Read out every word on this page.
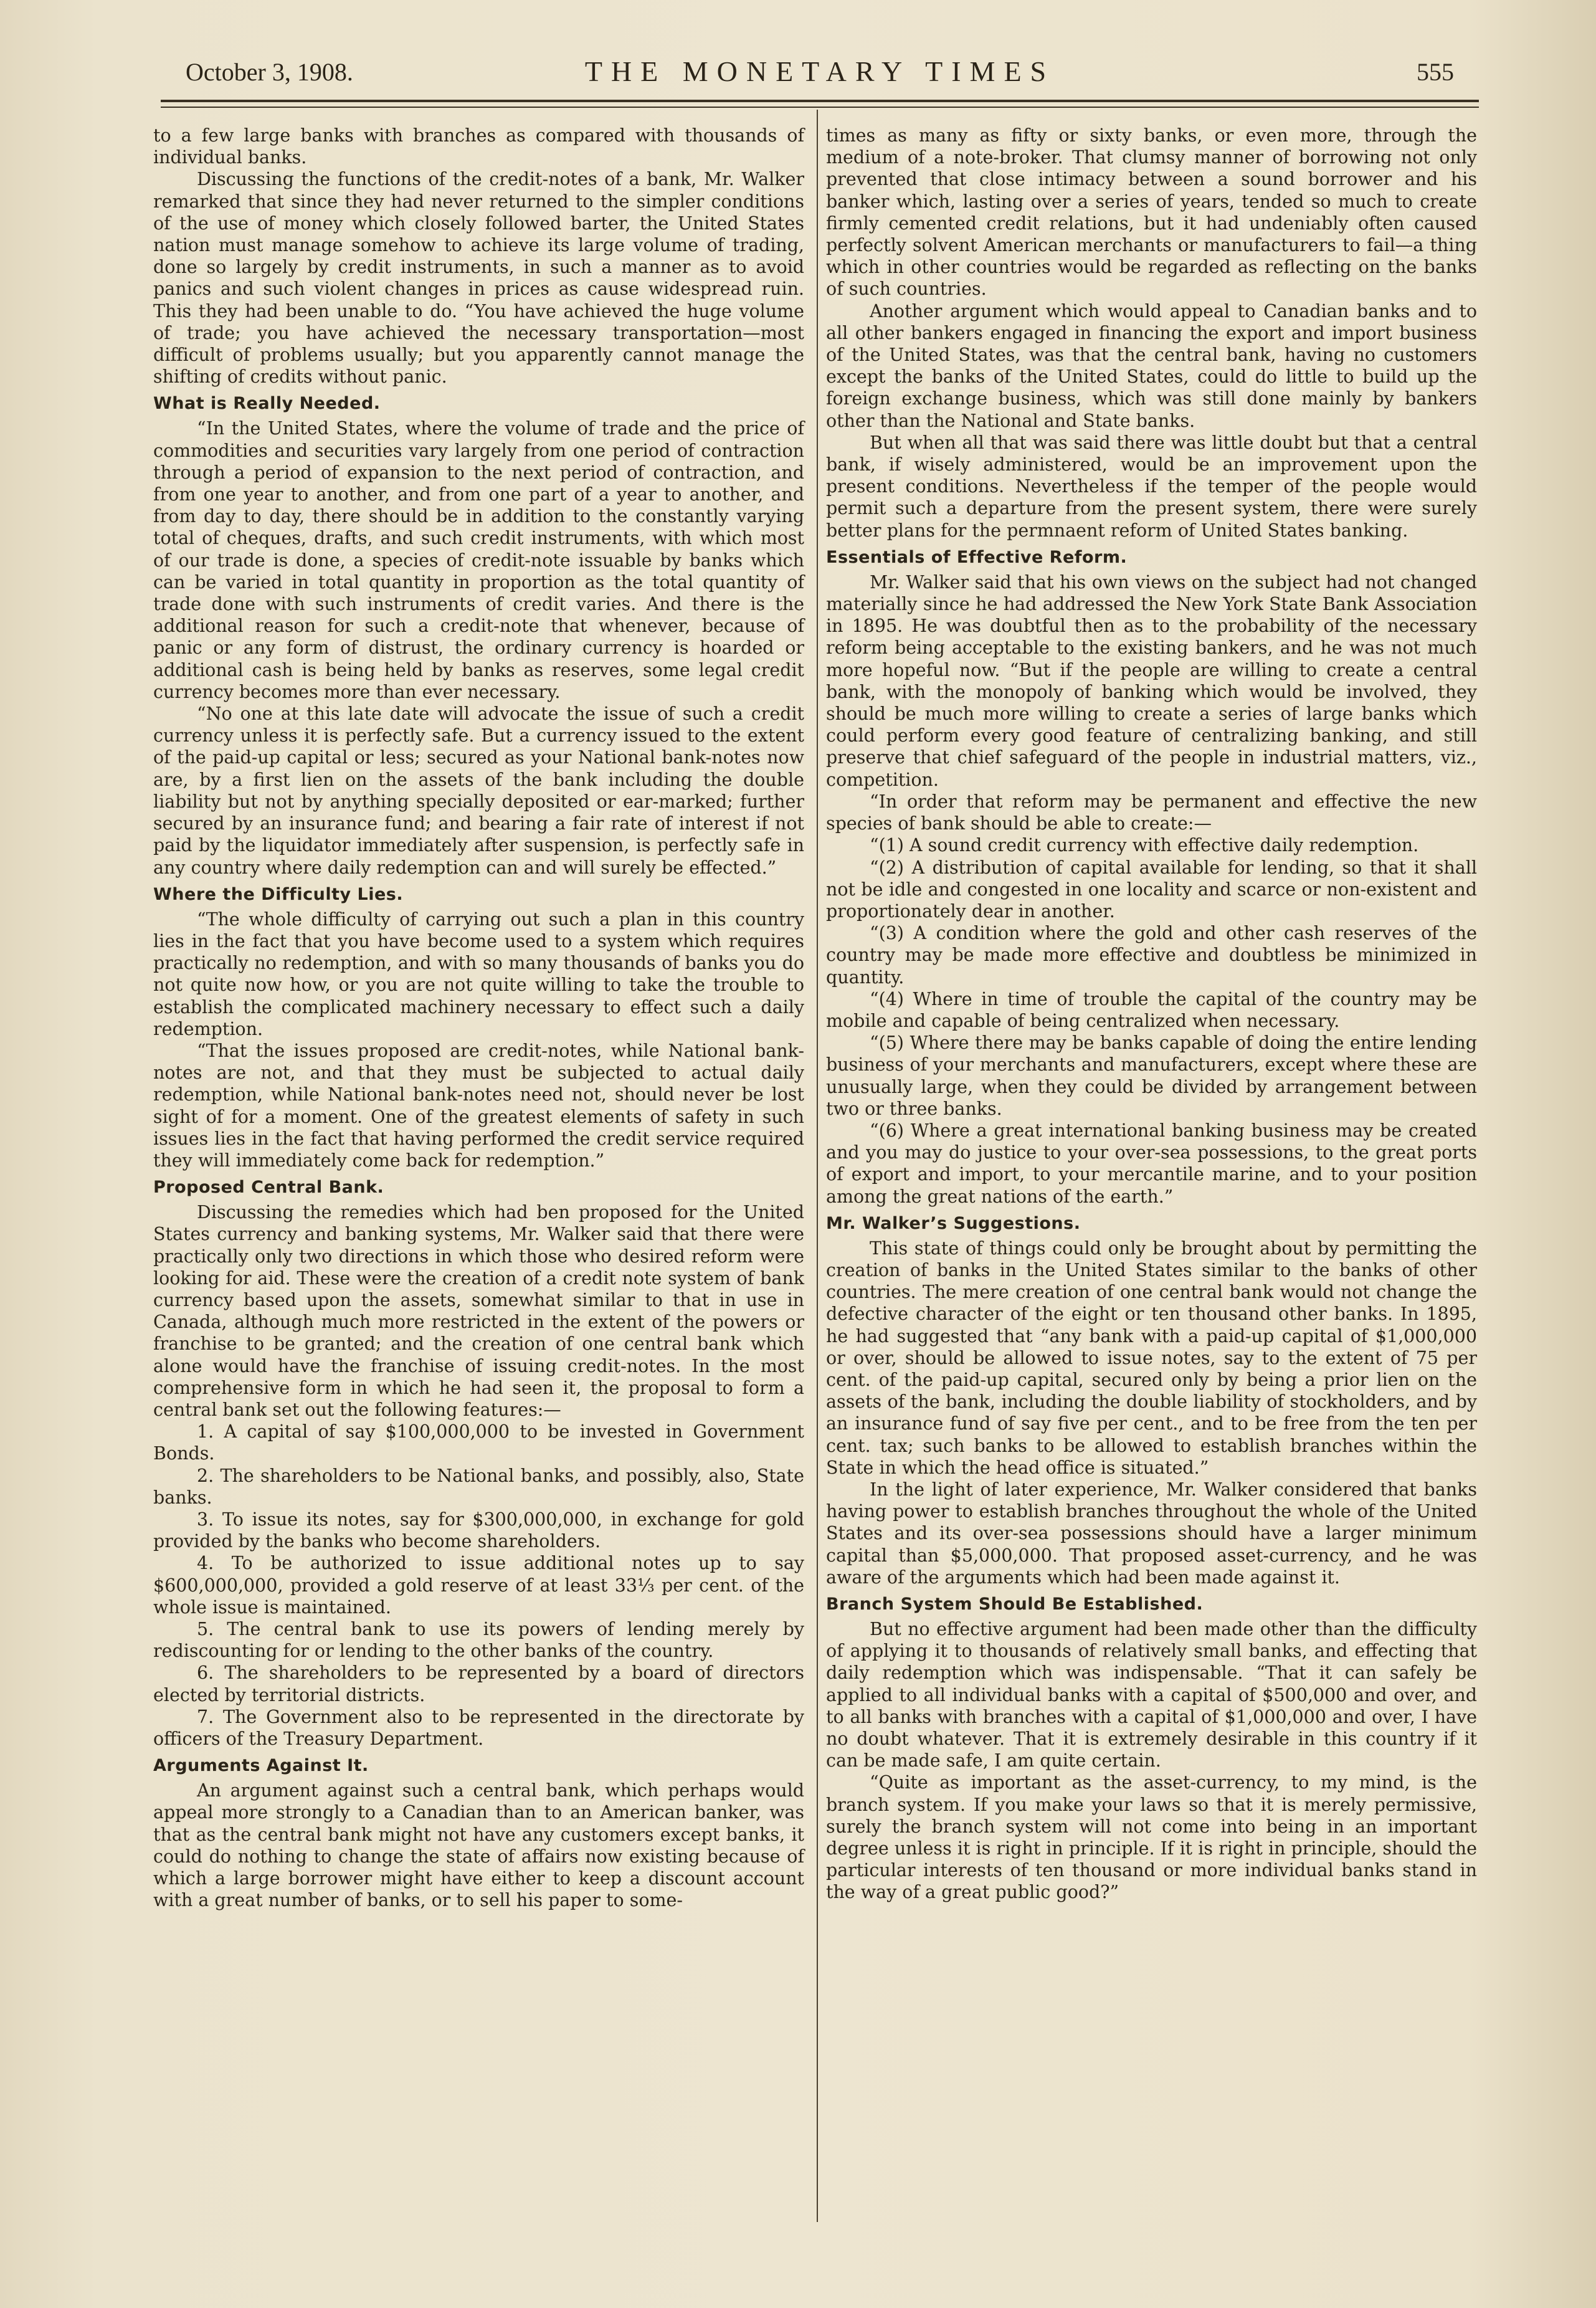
October 3, 1908.	THE MONETARY TIMES	555

to a few large banks with branches as compared with thousands of individual banks.

Discussing the functions of the credit-notes of a bank, Mr. Walker remarked that since they had never returned to the simpler conditions of the use of money which closely followed barter, the United States nation must manage somehow to achieve its large volume of trading, done so largely by credit instruments, in such a manner as to avoid panics and such violent changes in prices as cause widespread ruin. This they had been unable to do. “You have achieved the huge volume of trade; you have achieved the necessary transportation—most difficult of problems usually; but you apparently cannot manage the shifting of credits without panic.

What is Really Needed.

“In the United States, where the volume of trade and the price of commodities and securities vary largely from one period of contraction through a period of expansion to the next period of contraction, and from one year to another, and from one part of a year to another, and from day to day, there should be in addition to the constantly varying total of cheques, drafts, and such credit instruments, with which most of our trade is done, a species of credit-note issuable by banks which can be varied in total quantity in proportion as the total quantity of trade done with such instruments of credit varies. And there is the additional reason for such a credit-note that whenever, because of panic or any form of distrust, the ordinary currency is hoarded or additional cash is being held by banks as reserves, some legal credit currency becomes more than ever necessary.

“No one at this late date will advocate the issue of such a credit currency unless it is perfectly safe. But a currency issued to the extent of the paid-up capital or less; secured as your National bank-notes now are, by a first lien on the assets of the bank including the double liability but not by anything specially deposited or ear-marked; further secured by an insurance fund; and bearing a fair rate of interest if not paid by the liquidator immediately after suspension, is perfectly safe in any country where daily redemption can and will surely be effected.”

Where the Difficulty Lies.

“The whole difficulty of carrying out such a plan in this country lies in the fact that you have become used to a system which requires practically no redemption, and with so many thousands of banks you do not quite now how, or you are not quite willing to take the trouble to establish the complicated machinery necessary to effect such a daily redemption.

“That the issues proposed are credit-notes, while National bank-notes are not, and that they must be subjected to actual daily redemption, while National bank-notes need not, should never be lost sight of for a moment. One of the greatest elements of safety in such issues lies in the fact that having performed the credit service required they will immediately come back for redemption.”

Proposed Central Bank.

Discussing the remedies which had ben proposed for the United States currency and banking systems, Mr. Walker said that there were practically only two directions in which those who desired reform were looking for aid. These were the creation of a credit note system of bank currency based upon the assets, somewhat similar to that in use in Canada, although much more restricted in the extent of the powers or franchise to be granted; and the creation of one central bank which alone would have the franchise of issuing credit-notes. In the most comprehensive form in which he had seen it, the proposal to form a central bank set out the following features:—

1. A capital of say $100,000,000 to be invested in Government Bonds.

2. The shareholders to be National banks, and possibly, also, State banks.

3. To issue its notes, say for $300,000,000, in exchange for gold provided by the banks who become shareholders.

4. To be authorized to issue additional notes up to say $600,000,000, provided a gold reserve of at least 33⅓ per cent. of the whole issue is maintained.

5. The central bank to use its powers of lending merely by rediscounting for or lending to the other banks of the country.

6. The shareholders to be represented by a board of directors elected by territorial districts.

7. The Government also to be represented in the directorate by officers of the Treasury Department.

Arguments Against It.

An argument against such a central bank, which perhaps would appeal more strongly to a Canadian than to an American banker, was that as the central bank might not have any customers except banks, it could do nothing to change the state of affairs now existing because of which a large borrower might have either to keep a discount account with a great number of banks, or to sell his paper to some-

times as many as fifty or sixty banks, or even more, through the medium of a note-broker. That clumsy manner of borrowing not only prevented that close intimacy between a sound borrower and his banker which, lasting over a series of years, tended so much to create firmly cemented credit relations, but it had undeniably often caused perfectly solvent American merchants or manufacturers to fail—a thing which in other countries would be regarded as reflecting on the banks of such countries.

Another argument which would appeal to Canadian banks and to all other bankers engaged in financing the export and import business of the United States, was that the central bank, having no customers except the banks of the United States, could do little to build up the foreign exchange business, which was still done mainly by bankers other than the National and State banks.

But when all that was said there was little doubt but that a central bank, if wisely administered, would be an improvement upon the present conditions. Nevertheless if the temper of the people would permit such a departure from the present system, there were surely better plans for the permnaent reform of United States banking.

Essentials of Effective Reform.

Mr. Walker said that his own views on the subject had not changed materially since he had addressed the New York State Bank Association in 1895. He was doubtful then as to the probability of the necessary reform being acceptable to the existing bankers, and he was not much more hopeful now. “But if the people are willing to create a central bank, with the monopoly of banking which would be involved, they should be much more willing to create a series of large banks which could perform every good feature of centralizing banking, and still preserve that chief safeguard of the people in industrial matters, viz., competition.

“In order that reform may be permanent and effective the new species of bank should be able to create:—

“(1) A sound credit currency with effective daily redemption.

“(2) A distribution of capital available for lending, so that it shall not be idle and congested in one locality and scarce or non-existent and proportionately dear in another.

“(3) A condition where the gold and other cash reserves of the country may be made more effective and doubtless be minimized in quantity.

“(4) Where in time of trouble the capital of the country may be mobile and capable of being centralized when necessary.

“(5) Where there may be banks capable of doing the entire lending business of your merchants and manufacturers, except where these are unusually large, when they could be divided by arrangement between two or three banks.

“(6) Where a great international banking business may be created and you may do justice to your over-sea possessions, to the great ports of export and import, to your mercantile marine, and to your position among the great nations of the earth.”

Mr. Walker’s Suggestions.

This state of things could only be brought about by permitting the creation of banks in the United States similar to the banks of other countries. The mere creation of one central bank would not change the defective character of the eight or ten thousand other banks. In 1895, he had suggested that “any bank with a paid-up capital of $1,000,000 or over, should be allowed to issue notes, say to the extent of 75 per cent. of the paid-up capital, secured only by being a prior lien on the assets of the bank, including the double liability of stockholders, and by an insurance fund of say five per cent., and to be free from the ten per cent. tax; such banks to be allowed to establish branches within the State in which the head office is situated.”

In the light of later experience, Mr. Walker considered that banks having power to establish branches throughout the whole of the United States and its over-sea possessions should have a larger minimum capital than $5,000,000. That proposed asset-currency, and he was aware of the arguments which had been made against it.

Branch System Should Be Established.

But no effective argument had been made other than the difficulty of applying it to thousands of relatively small banks, and effecting that daily redemption which was indispensable. “That it can safely be applied to all individual banks with a capital of $500,000 and over, and to all banks with branches with a capital of $1,000,000 and over, I have no doubt whatever. That it is extremely desirable in this country if it can be made safe, I am quite certain.

“Quite as important as the asset-currency, to my mind, is the branch system. If you make your laws so that it is merely permissive, surely the branch system will not come into being in an important degree unless it is right in principle. If it is right in principle, should the particular interests of ten thousand or more individual banks stand in the way of a great public good?”
